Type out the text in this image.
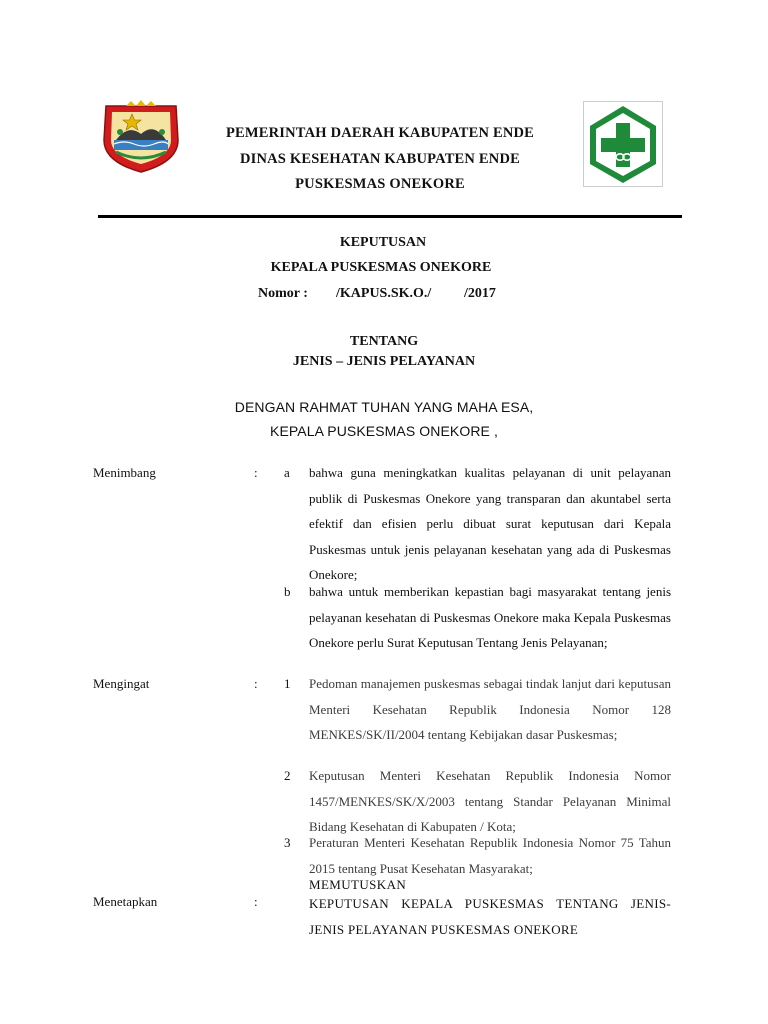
PEMERINTAH DAERAH KABUPATEN ENDE
DINAS KESEHATAN KABUPATEN ENDE
PUSKESMAS ONEKORE
KEPUTUSAN
KEPALA PUSKESMAS ONEKORE
Nomor : /KAPUS.SK.O./ /2017
TENTANG
JENIS – JENIS PELAYANAN
DENGAN RAHMAT TUHAN YANG MAHA ESA,
KEPALA PUSKESMAS ONEKORE ,
Menimbang	: a bahwa guna meningkatkan kualitas pelayanan di unit pelayanan publik di Puskesmas Onekore yang transparan dan akuntabel serta efektif dan efisien perlu dibuat surat keputusan dari Kepala Puskesmas untuk jenis pelayanan kesehatan yang ada di Puskesmas Onekore;
b bahwa untuk memberikan kepastian bagi masyarakat tentang jenis pelayanan kesehatan di Puskesmas Onekore maka Kepala Puskesmas Onekore perlu Surat Keputusan Tentang Jenis Pelayanan;
Mengingat	: 1 Pedoman manajemen puskesmas sebagai tindak lanjut dari keputusan Menteri Kesehatan Republik Indonesia Nomor 128 MENKES/SK/II/2004 tentang Kebijakan dasar Puskesmas;
2 Keputusan Menteri Kesehatan Republik Indonesia Nomor 1457/MENKES/SK/X/2003 tentang Standar Pelayanan Minimal Bidang Kesehatan di Kabupaten / Kota;
3 Peraturan Menteri Kesehatan Republik Indonesia Nomor 75 Tahun 2015 tentang Pusat Kesehatan Masyarakat;
MEMUTUSKAN
Menetapkan	:	KEPUTUSAN KEPALA PUSKESMAS TENTANG JENIS-JENIS PELAYANAN PUSKESMAS ONEKORE
